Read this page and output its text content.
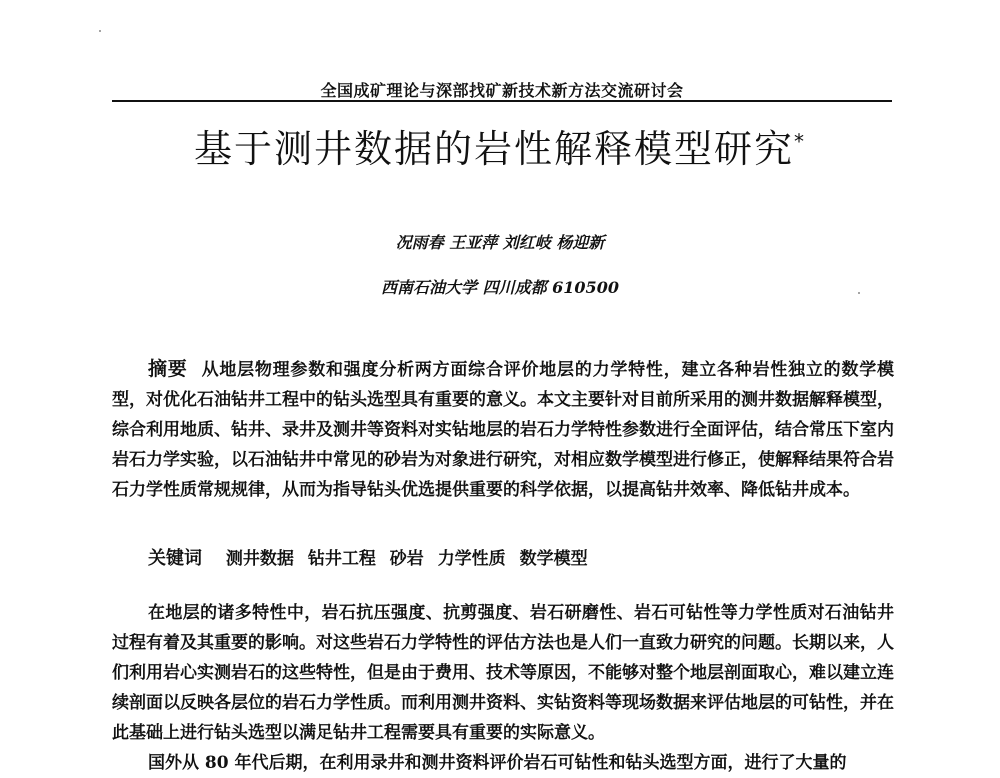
全国成矿理论与深部找矿新技术新方法交流研讨会
基于测井数据的岩性解释模型研究*
况雨春 王亚萍 刘红岐 杨迎新
西南石油大学 四川成都 610500
摘要 从地层物理参数和强度分析两方面综合评价地层的力学特性，建立各种岩性独立的数学模型，对优化石油钻井工程中的钻头选型具有重要的意义。本文主要针对目前所采用的测井数据解释模型，综合利用地质、钻井、录井及测井等资料对实钻地层的岩石力学特性参数进行全面评估，结合常压下室内岩石力学实验，以石油钻井中常见的砂岩为对象进行研究，对相应数学模型进行修正，使解释结果符合岩石力学性质常规规律，从而为指导钻头优选提供重要的科学依据，以提高钻井效率、降低钻井成本。
关键词 测井数据 钻井工程 砂岩 力学性质 数学模型

在地层的诸多特性中，岩石抗压强度、抗剪强度、岩石研磨性、岩石可钻性等力学性质对石油钻井过程有着及其重要的影响。对这些岩石力学特性的评估方法也是人们一直致力研究的问题。长期以来，人们利用岩心实测岩石的这些特性，但是由于费用、技术等原因，不能够对整个地层剖面取心，难以建立连续剖面以反映各层位的岩石力学性质。而利用测井资料、实钻资料等现场数据来评估地层的可钻性，并在此基础上进行钻头选型以满足钻井工程需要具有重要的实际意义。

国外从 80 年代后期，在利用录井和测井资料评价岩石可钻性和钻头选型方面，进行了大量的
